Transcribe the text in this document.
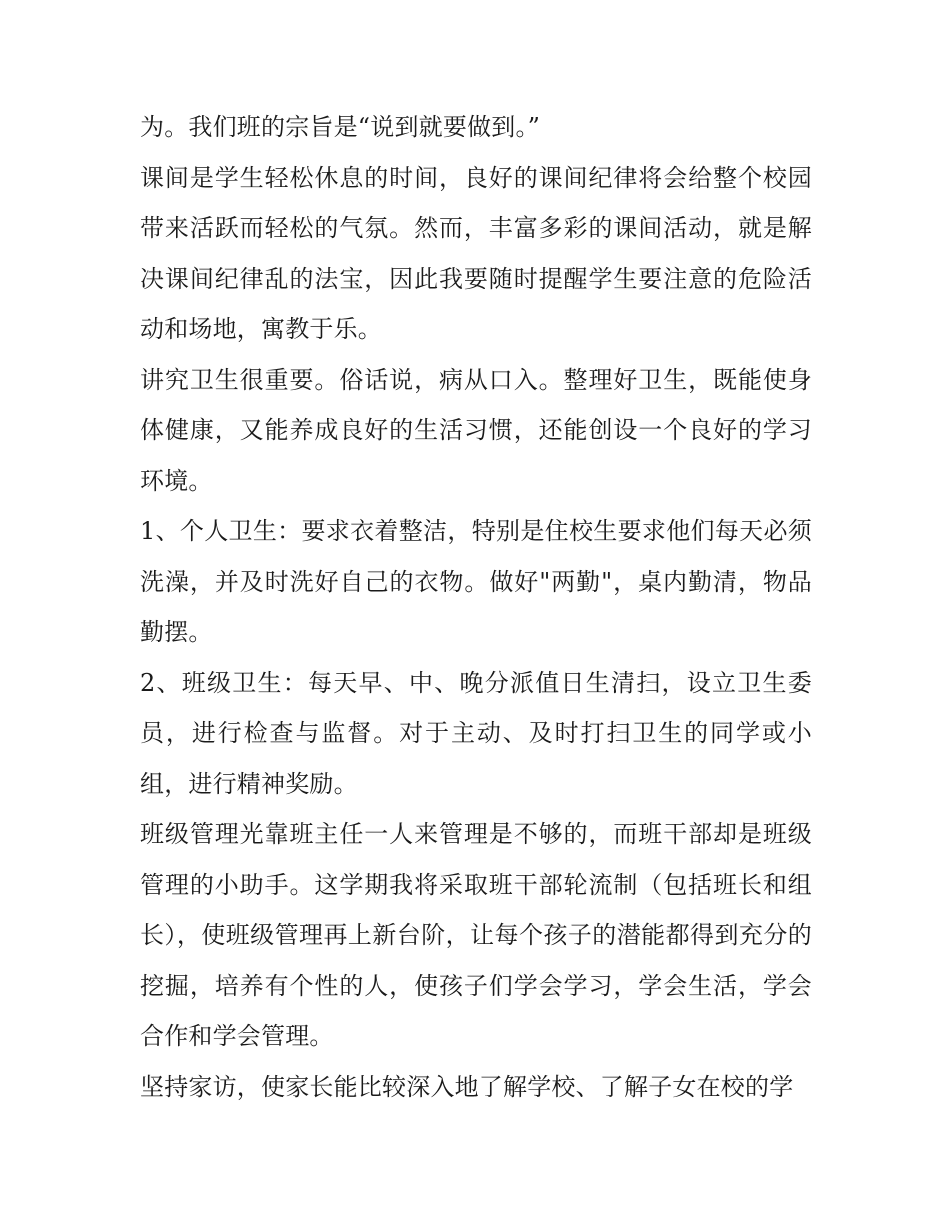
为。我们班的宗旨是“说到就要做到。”

课间是学生轻松休息的时间，良好的课间纪律将会给整个校园带来活跃而轻松的气氛。然而，丰富多彩的课间活动，就是解决课间纪律乱的法宝，因此我要随时提醒学生要注意的危险活动和场地，寓教于乐。

讲究卫生很重要。俗话说，病从口入。整理好卫生，既能使身体健康，又能养成良好的生活习惯，还能创设一个良好的学习环境。

1、个人卫生：要求衣着整洁，特别是住校生要求他们每天必须洗澡，并及时洗好自己的衣物。做好"两勤"，桌内勤清，物品勤摆。

2、班级卫生：每天早、中、晚分派值日生清扫，设立卫生委员，进行检查与监督。对于主动、及时打扫卫生的同学或小组，进行精神奖励。

班级管理光靠班主任一人来管理是不够的，而班干部却是班级管理的小助手。这学期我将采取班干部轮流制（包括班长和组长），使班级管理再上新台阶，让每个孩子的潜能都得到充分的挖掘，培养有个性的人，使孩子们学会学习，学会生活，学会合作和学会管理。

坚持家访，使家长能比较深入地了解学校、了解子女在校的学
